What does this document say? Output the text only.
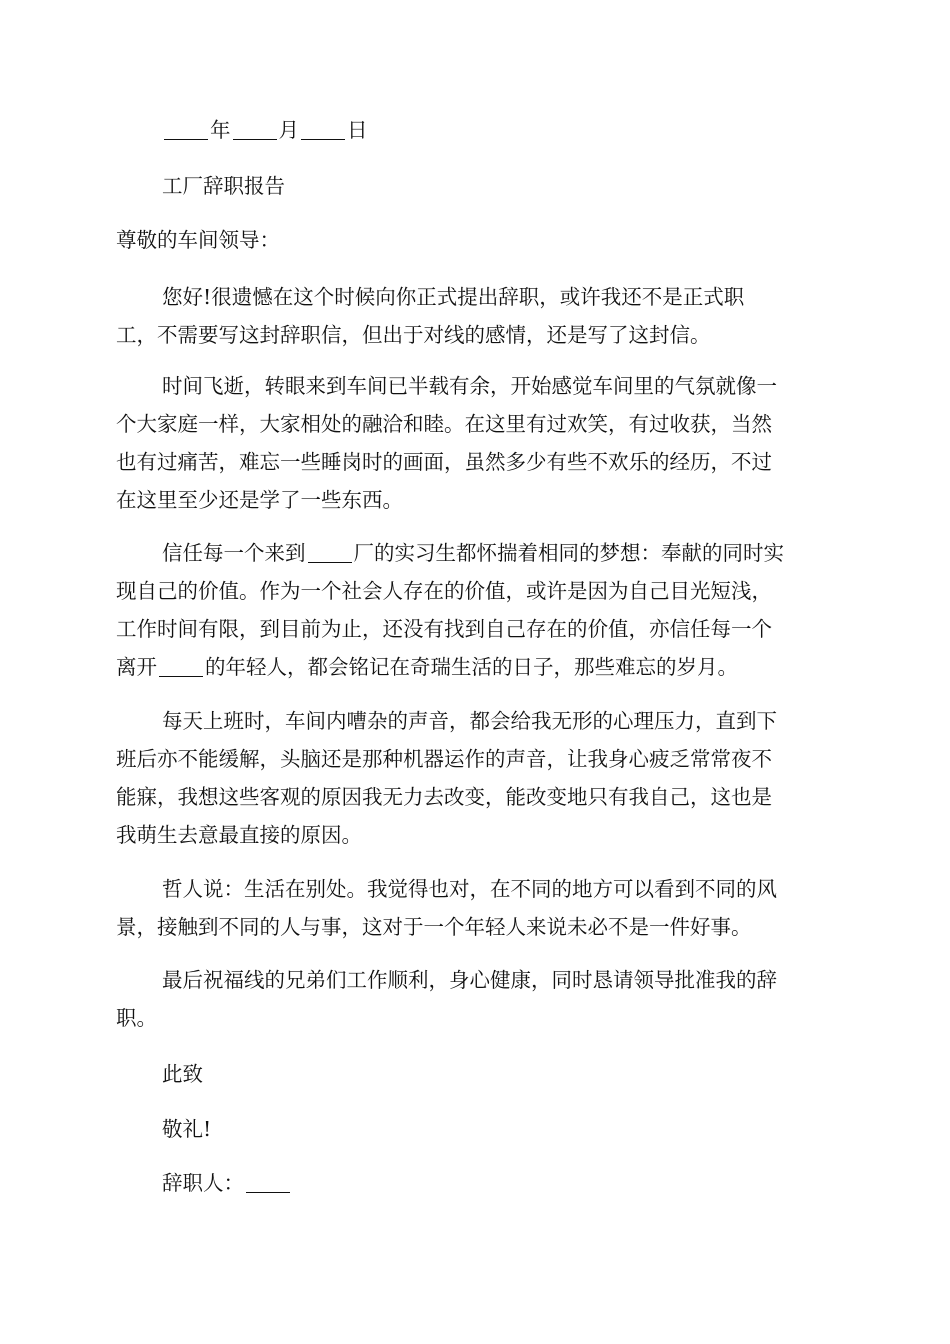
年 月 日
工厂辞职报告
尊敬的车间领导：
您好!很遗憾在这个时候向你正式提出辞职，或许我还不是正式职
工，不需要写这封辞职信，但出于对线的感情，还是写了这封信。
时间飞逝，转眼来到车间已半载有余，开始感觉车间里的气氛就像一
个大家庭一样，大家相处的融洽和睦。在这里有过欢笑，有过收获，当然
也有过痛苦，难忘一些睡岗时的画面，虽然多少有些不欢乐的经历，不过
在这里至少还是学了一些东西。
信任每一个来到 厂的实习生都怀揣着相同的梦想：奉献的同时实
现自己的价值。作为一个社会人存在的价值，或许是因为自己目光短浅，
工作时间有限，到目前为止，还没有找到自己存在的价值，亦信任每一个
离开 的年轻人，都会铭记在奇瑞生活的日子，那些难忘的岁月。
每天上班时，车间内嘈杂的声音，都会给我无形的心理压力，直到下
班后亦不能缓解，头脑还是那种机器运作的声音，让我身心疲乏常常夜不
能寐，我想这些客观的原因我无力去改变，能改变地只有我自己，这也是
我萌生去意最直接的原因。
哲人说：生活在别处。我觉得也对，在不同的地方可以看到不同的风
景，接触到不同的人与事，这对于一个年轻人来说未必不是一件好事。
最后祝福线的兄弟们工作顺利，身心健康，同时恳请领导批准我的辞
职。
此致
敬礼!
辞职人：
